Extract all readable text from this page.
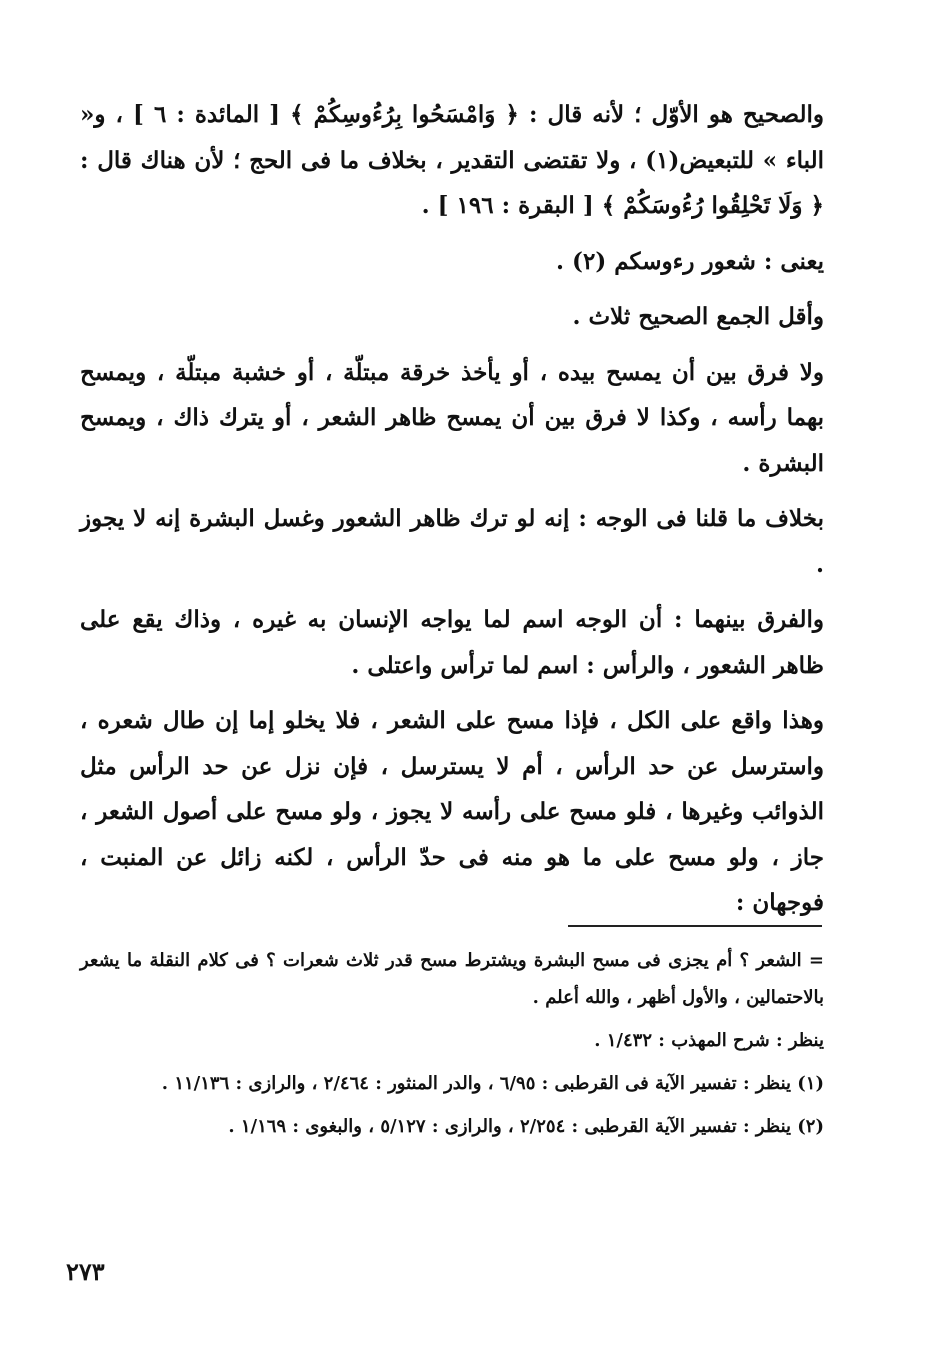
والصحيح هو الأوّل ؛ لأنه قال : ﴿ وَامْسَحُوا بِرُءُوسِكُمْ ﴾ [ المائدة : ٦ ] ، و« الباء » للتبعيض(١) ، ولا تقتضى التقدير ، بخلاف ما فى الحج ؛ لأن هناك قال : ﴿ وَلَا تَحْلِقُوا رُءُوسَكُمْ ﴾ [ البقرة : ١٩٦ ] .

يعنى : شعور رءوسكم (٢) .

وأقل الجمع الصحيح ثلاث .

ولا فرق بين أن يمسح بيده ، أو يأخذ خرقة مبتلّة ، أو خشبة مبتلّة ، ويمسح بهما رأسه ، وكذا لا فرق بين أن يمسح ظاهر الشعر ، أو يترك ذاك ، ويمسح البشرة .

بخلاف ما قلنا فى الوجه : إنه لو ترك ظاهر الشعور وغسل البشرة إنه لا يجوز .

والفرق بينهما : أن الوجه اسم لما يواجه الإنسان به غيره ، وذاك يقع على ظاهر الشعور ، والرأس : اسم لما ترأس واعتلى .

وهذا واقع على الكل ، فإذا مسح على الشعر ، فلا يخلو إما إن طال شعره ، واسترسل عن حد الرأس ، أم لا يسترسل ، فإن نزل عن حد الرأس مثل الذوائب وغيرها ، فلو مسح على رأسه لا يجوز ، ولو مسح على أصول الشعر ، جاز ، ولو مسح على ما هو منه فى حدّ الرأس ، لكنه زائل عن المنبت ، فوجهان :

= الشعر ؟ أم يجزى فى مسح البشرة ويشترط مسح قدر ثلاث شعرات ؟ فى كلام النقلة ما يشعر بالاحتمالين ، والأول أظهر ، والله أعلم .

ينظر : شرح المهذب : ١/٤٣٢ .

(١) ينظر : تفسير الآية فى القرطبى : ٦/٩٥ ، والدر المنثور : ٢/٤٦٤ ، والرازى : ١١/١٣٦ .

(٢) ينظر : تفسير الآية القرطبى : ٢/٢٥٤ ، والرازى : ٥/١٢٧ ، والبغوى : ١/١٦٩ .

٢٧٣
